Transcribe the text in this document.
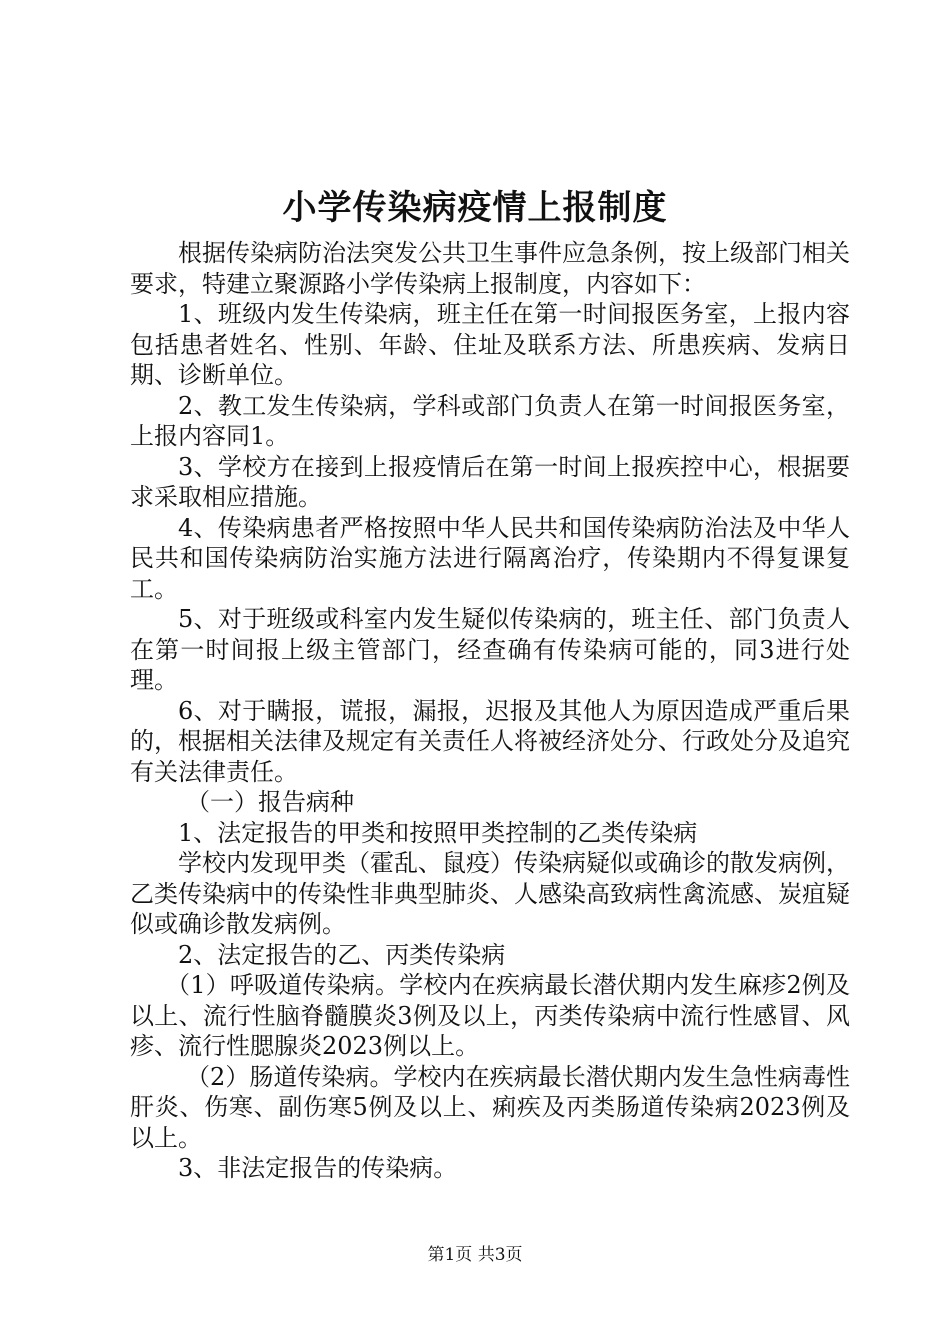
小学传染病疫情上报制度

根据传染病防治法突发公共卫生事件应急条例，按上级部门相关要求，特建立聚源路小学传染病上报制度，内容如下：

1、班级内发生传染病，班主任在第一时间报医务室，上报内容包括患者姓名、性别、年龄、住址及联系方法、所患疾病、发病日期、诊断单位。

2、教工发生传染病，学科或部门负责人在第一时间报医务室，上报内容同1。

3、学校方在接到上报疫情后在第一时间上报疾控中心，根据要求采取相应措施。

4、传染病患者严格按照中华人民共和国传染病防治法及中华人民共和国传染病防治实施方法进行隔离治疗，传染期内不得复课复工。

5、对于班级或科室内发生疑似传染病的，班主任、部门负责人在第一时间报上级主管部门，经查确有传染病可能的，同3进行处理。

6、对于瞒报，谎报，漏报，迟报及其他人为原因造成严重后果的，根据相关法律及规定有关责任人将被经济处分、行政处分及追究有关法律责任。

（一）报告病种

1、法定报告的甲类和按照甲类控制的乙类传染病

学校内发现甲类（霍乱、鼠疫）传染病疑似或确诊的散发病例，乙类传染病中的传染性非典型肺炎、人感染高致病性禽流感、炭疽疑似或确诊散发病例。

2、法定报告的乙、丙类传染病

（1）呼吸道传染病。学校内在疾病最长潜伏期内发生麻疹2例及以上、流行性脑脊髓膜炎3例及以上，丙类传染病中流行性感冒、风疹、流行性腮腺炎2023例以上。

（2）肠道传染病。学校内在疾病最长潜伏期内发生急性病毒性肝炎、伤寒、副伤寒5例及以上、痢疾及丙类肠道传染病2023例及以上。

3、非法定报告的传染病。

第1页 共3页
